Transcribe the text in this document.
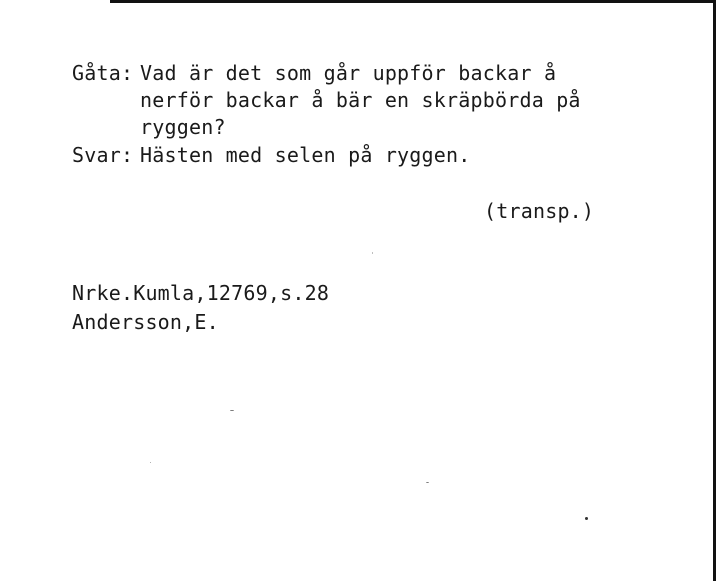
Gåta: Vad är det som går uppför backar å
nerför backar å bär en skräpbörda på
ryggen?
Svar: Hästen med selen på ryggen.
(transp.)
Nrke.Kumla,12769,s.28
Andersson,E.
